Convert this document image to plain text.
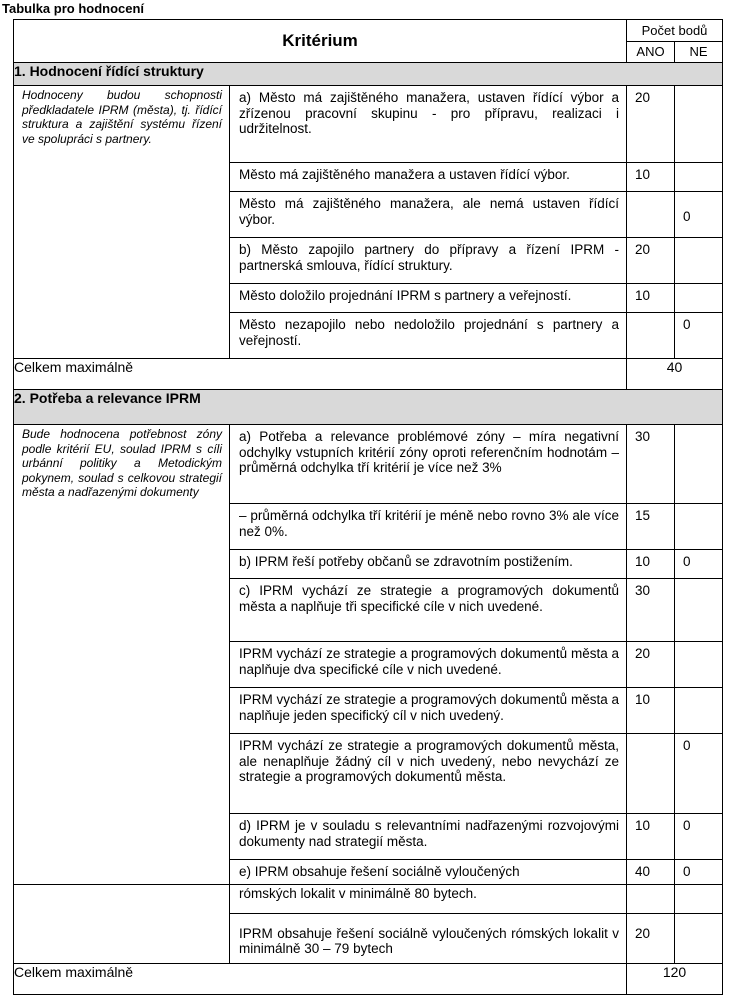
Tabulka pro hodnocení
Kritérium		Počet bodů	
		ANO	NE
1. Hodnocení řídící struktury			
Hodnoceny budou schopnosti předkladatele IPRM (města), tj. řídící struktura a zajištění systému řízení ve spolupráci s partnery.	a) Město má zajištěného manažera, ustaven řídící výbor a zřízenou pracovní skupinu - pro přípravu, realizaci i udržitelnost.	20	
	Město má zajištěného manažera a ustaven řídící výbor.	10	
	Město má zajištěného manažera, ale nemá ustaven řídící výbor.		0
	b) Město zapojilo partnery do přípravy a řízení IPRM - partnerská smlouva, řídící struktury.	20	
	Město doložilo projednání IPRM s partnery a veřejností.	10	
	Město nezapojilo nebo nedoložilo projednání s partnery a veřejností.		0
Celkem maximálně		40	
2. Potřeba a relevance IPRM			
Bude hodnocena potřebnost zóny podle kritérií EU, soulad IPRM s cíli urbánní politiky a Metodickým pokynem, soulad s celkovou strategií města a nadřazenými dokumenty	a) Potřeba a relevance problémové zóny – míra negativní odchylky vstupních kritérií zóny oproti referenčním hodnotám – průměrná odchylka tří kritérií je více než 3%	30	
	– průměrná odchylka tří kritérií je méně nebo rovno 3% ale více než 0%.	15	
	b) IPRM řeší potřeby občanů se zdravotním postižením.	10	0
	c) IPRM vychází ze strategie a programových dokumentů města a naplňuje tři specifické cíle v nich uvedené.	30	
	IPRM vychází ze strategie a programových dokumentů města a naplňuje dva specifické cíle v nich uvedené.	20	
	IPRM vychází ze strategie a programových dokumentů města a naplňuje jeden specifický cíl v nich uvedený.	10	
	IPRM vychází ze strategie a programových dokumentů města, ale nenaplňuje žádný cíl v nich uvedený, nebo nevychází ze strategie a programových dokumentů města.		0
	d) IPRM je v souladu s relevantními nadřazenými rozvojovými dokumenty nad strategií města.	10	0
	e) IPRM obsahuje řešení sociálně vyloučených	40	0
	rómských lokalit v minimálně 80 bytech.		
	IPRM obsahuje řešení sociálně vyloučených rómských lokalit v minimálně 30 – 79 bytech	20	
Celkem maximálně		120	
